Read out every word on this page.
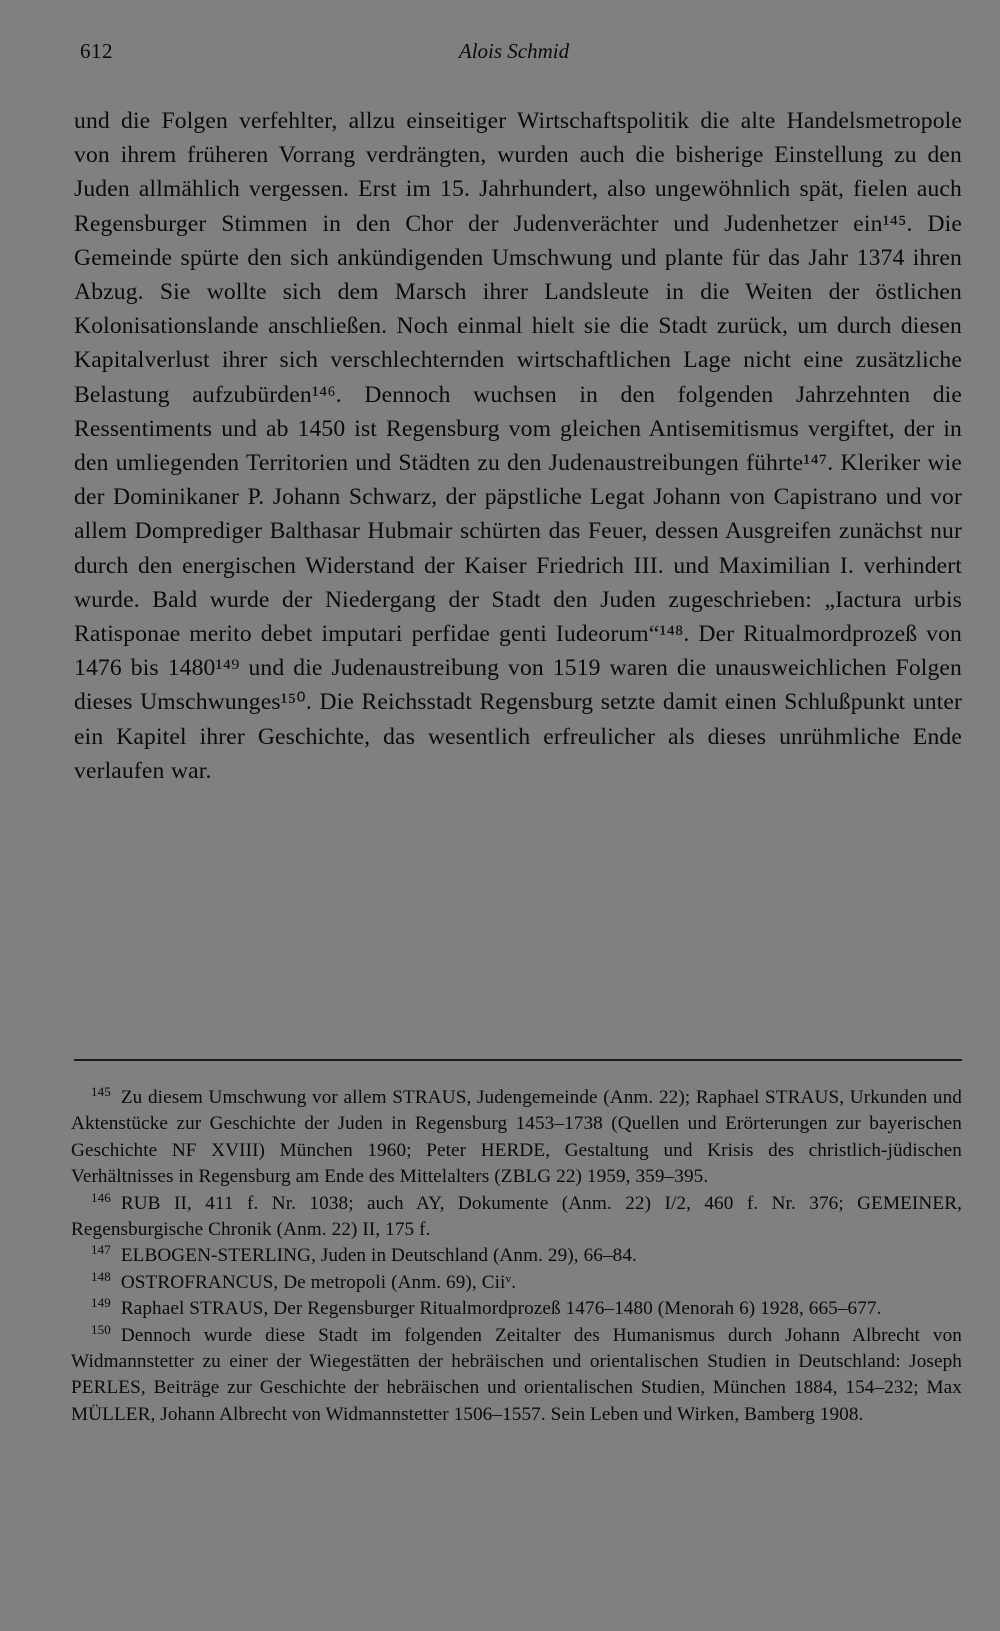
612	Alois Schmid

und die Folgen verfehlter, allzu einseitiger Wirtschaftspolitik die alte Handelsmetropole von ihrem früheren Vorrang verdrängten, wurden auch die bisherige Einstellung zu den Juden allmählich vergessen. Erst im 15. Jahrhundert, also ungewöhnlich spät, fielen auch Regensburger Stimmen in den Chor der Judenverächter und Judenhetzer ein¹⁴⁵. Die Gemeinde spürte den sich ankündigenden Umschwung und plante für das Jahr 1374 ihren Abzug. Sie wollte sich dem Marsch ihrer Landsleute in die Weiten der östlichen Kolonisationslande anschließen. Noch einmal hielt sie die Stadt zurück, um durch diesen Kapitalverlust ihrer sich verschlechternden wirtschaftlichen Lage nicht eine zusätzliche Belastung aufzubürden¹⁴⁶. Dennoch wuchsen in den folgenden Jahrzehnten die Ressentiments und ab 1450 ist Regensburg vom gleichen Antisemitismus vergiftet, der in den umliegenden Territorien und Städten zu den Judenaustreibungen führte¹⁴⁷. Kleriker wie der Dominikaner P. Johann Schwarz, der päpstliche Legat Johann von Capistrano und vor allem Domprediger Balthasar Hubmair schürten das Feuer, dessen Ausgreifen zunächst nur durch den energischen Widerstand der Kaiser Friedrich III. und Maximilian I. verhindert wurde. Bald wurde der Niedergang der Stadt den Juden zugeschrieben: „Iactura urbis Ratisponae merito debet imputari perfidae genti Iudeorum“¹⁴⁸. Der Ritualmordprozeß von 1476 bis 1480¹⁴⁹ und die Judenaustreibung von 1519 waren die unausweichlichen Folgen dieses Umschwunges¹⁵⁰. Die Reichsstadt Regensburg setzte damit einen Schlußpunkt unter ein Kapitel ihrer Geschichte, das wesentlich erfreulicher als dieses unrühmliche Ende verlaufen war.

145 Zu diesem Umschwung vor allem STRAUS, Judengemeinde (Anm. 22); Raphael STRAUS, Urkunden und Aktenstücke zur Geschichte der Juden in Regensburg 1453–1738 (Quellen und Erörterungen zur bayerischen Geschichte NF XVIII) München 1960; Peter HERDE, Gestaltung und Krisis des christlich-jüdischen Verhältnisses in Regensburg am Ende des Mittelalters (ZBLG 22) 1959, 359–395.

146 RUB II, 411 f. Nr. 1038; auch AY, Dokumente (Anm. 22) I/2, 460 f. Nr. 376; GEMEINER, Regensburgische Chronik (Anm. 22) II, 175 f.

147 ELBOGEN-STERLING, Juden in Deutschland (Anm. 29), 66–84.

148 OSTROFRANCUS, De metropoli (Anm. 69), Ciiᵛ.

149 Raphael STRAUS, Der Regensburger Ritualmordprozeß 1476–1480 (Menorah 6) 1928, 665–677.

150 Dennoch wurde diese Stadt im folgenden Zeitalter des Humanismus durch Johann Albrecht von Widmannstetter zu einer der Wiegestätten der hebräischen und orientalischen Studien in Deutschland: Joseph PERLES, Beiträge zur Geschichte der hebräischen und orientalischen Studien, München 1884, 154–232; Max MÜLLER, Johann Albrecht von Widmannstetter 1506–1557. Sein Leben und Wirken, Bamberg 1908.
